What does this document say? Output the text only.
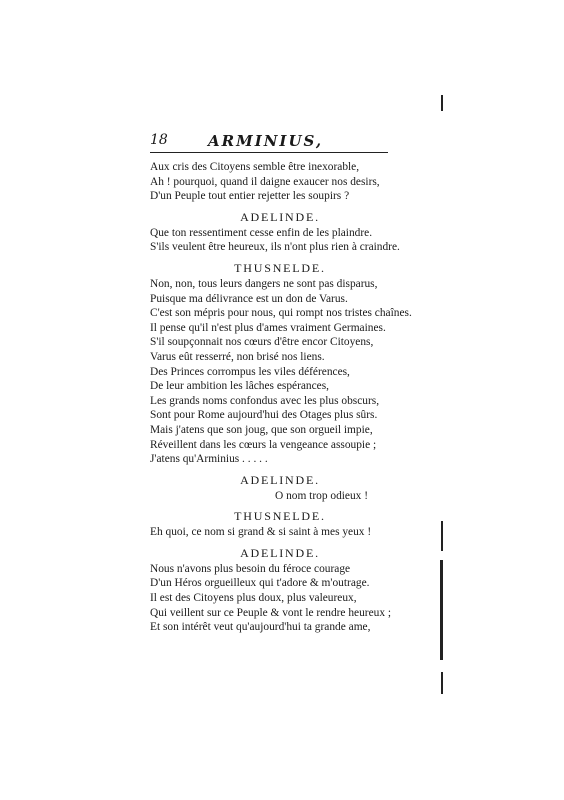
18	ARMINIUS,
Aux cris des Citoyens semble être inexorable,
Ah ! pourquoi, quand il daigne exaucer nos desirs,
D'un Peuple tout entier rejetter les soupirs ?
ADELINDE.
Que ton ressentiment cesse enfin de les plaindre.
S'ils veulent être heureux, ils n'ont plus rien à craindre.
THUSNELDE.
Non, non, tous leurs dangers ne sont pas disparus,
Puisque ma délivrance est un don de Varus.
C'est son mépris pour nous, qui rompt nos tristes chaînes.
Il pense qu'il n'est plus d'ames vraiment Germaines.
S'il soupçonnait nos cœurs d'être encor Citoyens,
Varus eût resserré, non brisé nos liens.
Des Princes corrompus les viles déférences,
De leur ambition les lâches espérances,
Les grands noms confondus avec les plus obscurs,
Sont pour Rome aujourd'hui des Otages plus sûrs.
Mais j'atens que son joug, que son orgueil impie,
Réveillent dans les cœurs la vengeance assoupie ;
J'atens qu'Arminius . . . . .
ADELINDE.
O nom trop odieux !
THUSNELDE.
Eh quoi, ce nom si grand & si saint à mes yeux !
ADELINDE.
Nous n'avons plus besoin du féroce courage
D'un Héros orgueilleux qui t'adore & m'outrage.
Il est des Citoyens plus doux, plus valeureux,
Qui veillent sur ce Peuple & vont le rendre heureux ;
Et son intérêt veut qu'aujourd'hui ta grande ame,
